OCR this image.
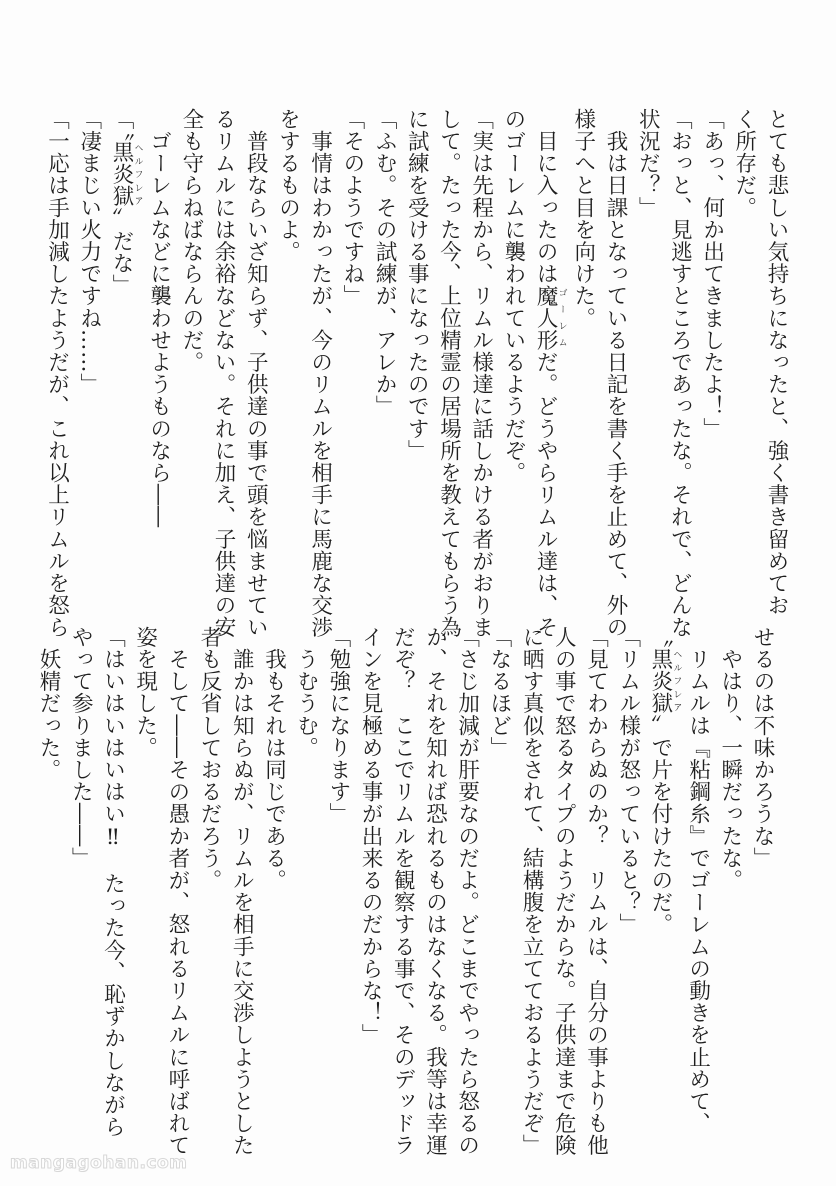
とても悲しい気持ちになったと、強く書き留めてお
く所存だ。
「あっ、何か出てきましたよ！」
「おっと、見逃すところであったな。それで、どんな
状況だ？」
　我は日課となっている日記を書く手を止めて、外の
様子へと目を向けた。
　目に入ったのは魔人形ゴーレムだ。どうやらリムル達は、そ
のゴーレムに襲われているようだぞ。
「実は先程から、リムル様達に話しかける者がおりま
して。たった今、上位精霊の居場所を教えてもらう為
に試練を受ける事になったのです」
「ふむ。その試練が、アレか」
「そのようですね」
　事情はわかったが、今のリムルを相手に馬鹿な交渉
をするものよ。
　普段ならいざ知らず、子供達の事で頭を悩ませてい
るリムルには余裕などない。それに加え、子供達の安
全も守らねばならんのだ。
　ゴーレムなどに襲わせようものなら――
「〝黒炎獄ヘルフレア〟だな」
「凄まじい火力ですね……」
「一応は手加減したようだが、これ以上リムルを怒ら
せるのは不味かろうな」
　やはり、一瞬だったな。
　リムルは『粘鋼糸』でゴーレムの動きを止めて、
〝黒炎獄ヘルフレア〟で片を付けたのだ。
「リムル様が怒っていると？」
「見てわからぬのか？　リムルは、自分の事よりも他
人の事で怒るタイプのようだからな。子供達まで危険
に晒す真似をされて、結構腹を立てておるようだぞ」
「なるほど」
「さじ加減が肝要なのだよ。どこまでやったら怒るの
か、それを知れば恐れるものはなくなる。我等は幸運
だぞ？　ここでリムルを観察する事で、そのデッドラ
インを見極める事が出来るのだからな！」
「勉強になります」
　うむうむ。
　我もそれは同じである。
　誰かは知らぬが、リムルを相手に交渉しようとした
者も反省しておるだろう。
　そして――その愚か者が、怒れるリムルに呼ばれて
姿を現した。
「はいはいはいはい‼　たった今、恥ずかしながら
やって参りました――」
　妖精だった。
mangagohan.com
